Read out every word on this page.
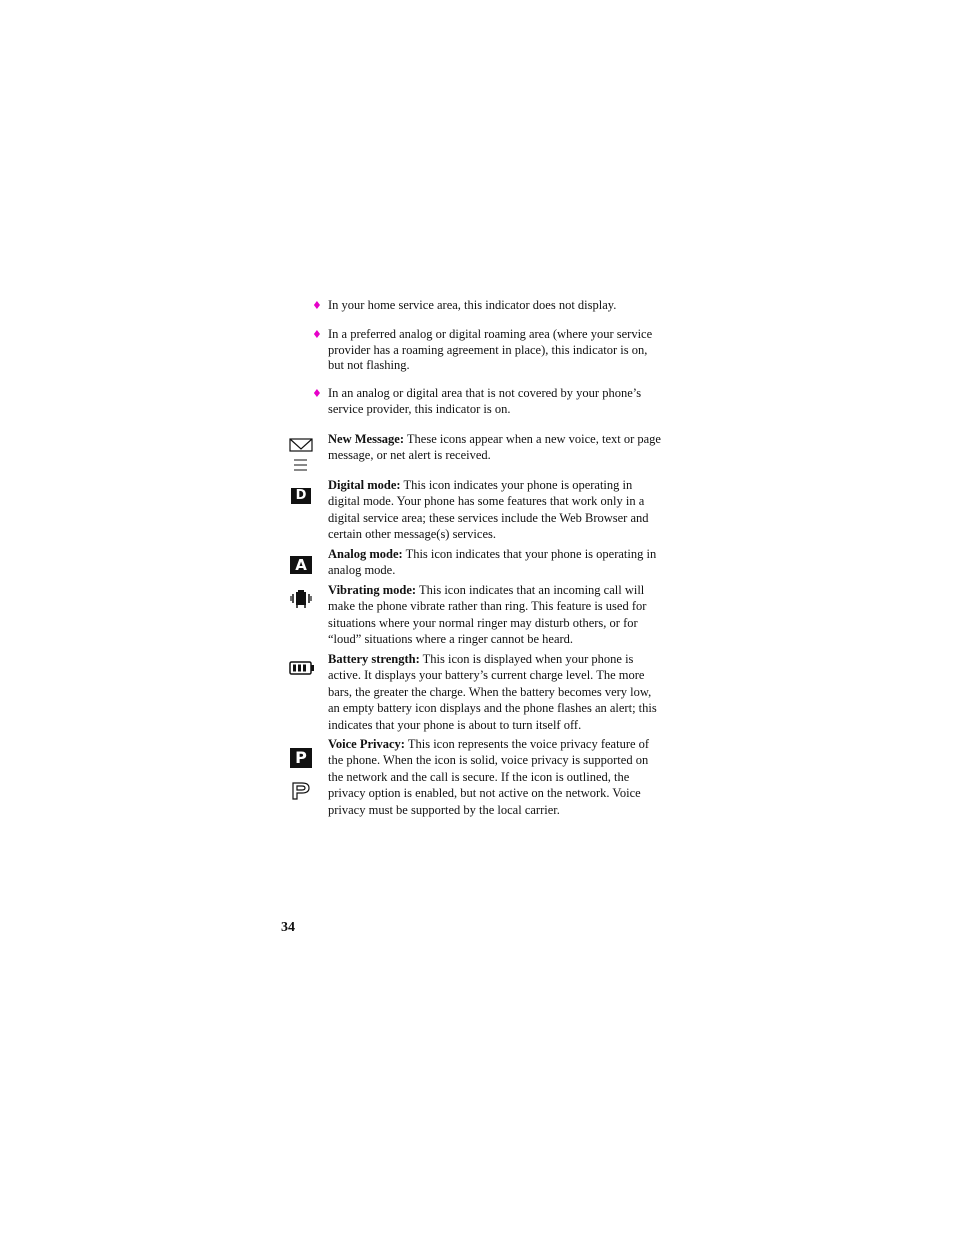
♦ In your home service area, this indicator does not display.
♦ In a preferred analog or digital roaming area (where your service provider has a roaming agreement in place), this indicator is on, but not flashing.
♦ In an analog or digital area that is not covered by your phone’s service provider, this indicator is on.
New Message: These icons appear when a new voice, text or page message, or net alert is received.
D
Digital mode: This icon indicates your phone is operating in digital mode. Your phone has some features that work only in a digital service area; these services include the Web Browser and certain other message(s) services.
A
Analog mode: This icon indicates that your phone is operating in analog mode.
Vibrating mode: This icon indicates that an incoming call will make the phone vibrate rather than ring. This feature is used for situations where your normal ringer may disturb others, or for “loud” situations where a ringer cannot be heard.
Battery strength: This icon is displayed when your phone is active. It displays your battery’s current charge level. The more bars, the greater the charge. When the battery becomes very low, an empty battery icon displays and the phone flashes an alert; this indicates that your phone is about to turn itself off.
P
Voice Privacy: This icon represents the voice privacy feature of the phone. When the icon is solid, voice privacy is supported on the network and the call is secure. If the icon is outlined, the privacy option is enabled, but not active on the network. Voice privacy must be supported by the local carrier.
34
